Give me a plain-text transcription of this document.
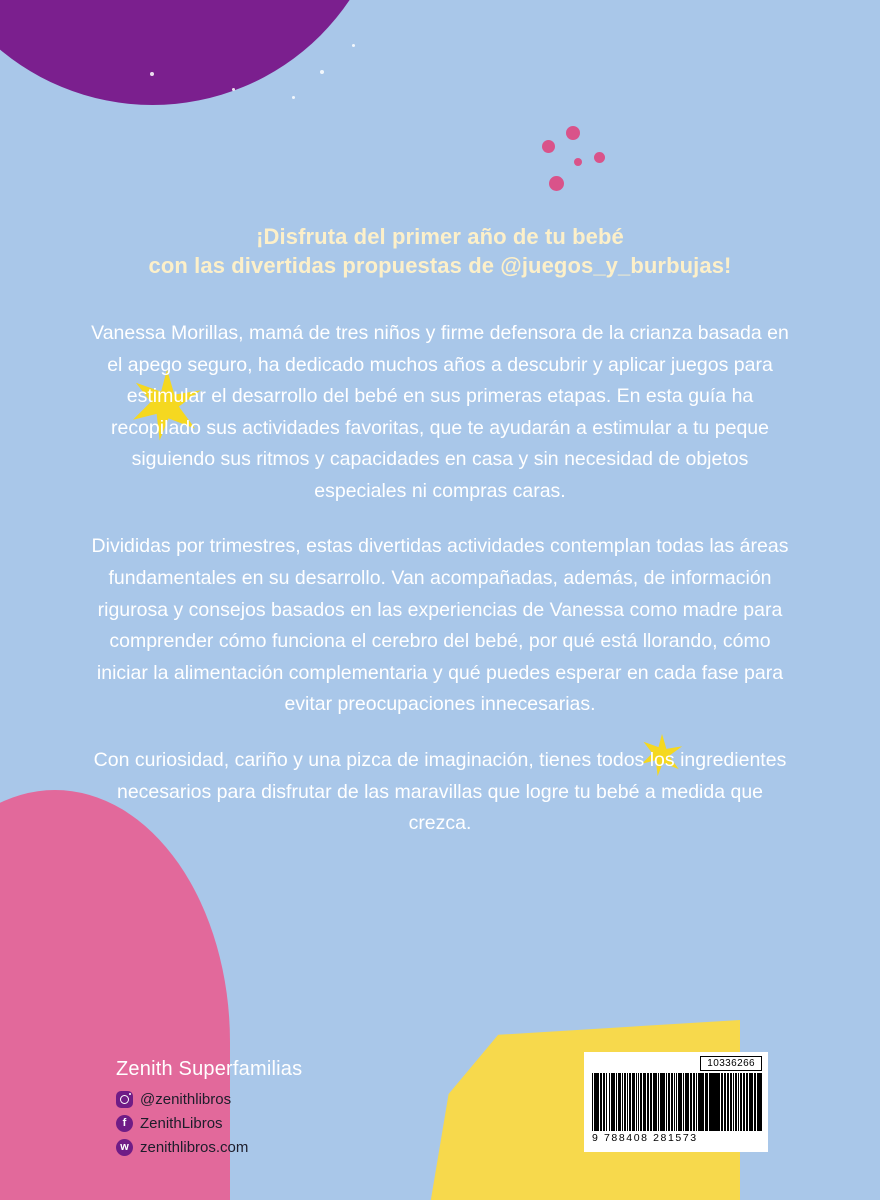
¡Disfruta del primer año de tu bebé
con las divertidas propuestas de @juegos_y_burbujas!

Vanessa Morillas, mamá de tres niños y firme defensora de la crianza basada en el apego seguro, ha dedicado muchos años a descubrir y aplicar juegos para estimular el desarrollo del bebé en sus primeras etapas. En esta guía ha recopilado sus actividades favoritas, que te ayudarán a estimular a tu peque siguiendo sus ritmos y capacidades en casa y sin necesidad de objetos especiales ni compras caras.

Divididas por trimestres, estas divertidas actividades contemplan todas las áreas fundamentales en su desarrollo. Van acompañadas, además, de información rigurosa y consejos basados en las experiencias de Vanessa como madre para comprender cómo funciona el cerebro del bebé, por qué está llorando, cómo iniciar la alimentación complementaria y qué puedes esperar en cada fase para evitar preocupaciones innecesarias.

Con curiosidad, cariño y una pizca de imaginación, tienes todos los ingredientes necesarios para disfrutar de las maravillas que logre tu bebé a medida que crezca.

Zenith Superfamilias
@zenithlibros
f ZenithLibros
w zenithlibros.com
10336266
9 788408 281573
